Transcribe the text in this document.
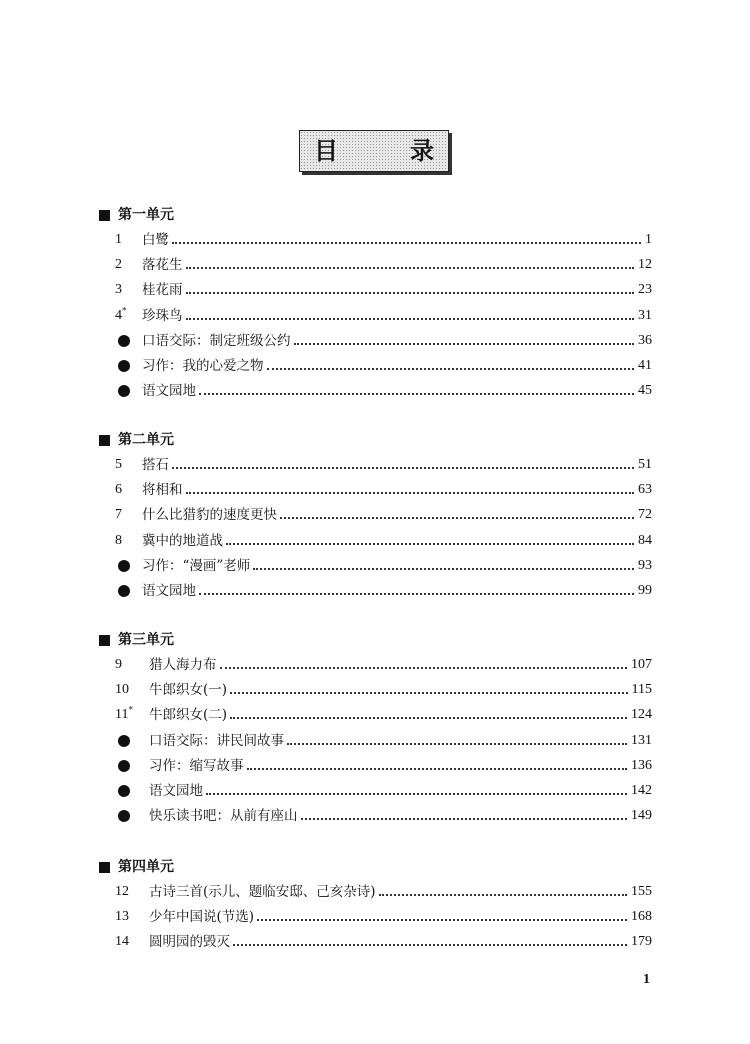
目	录
第一单元
1	白鹭	1
2	落花生	12
3	桂花雨	23
4*	珍珠鸟	31
口语交际：制定班级公约	36
习作：我的心爱之物	41
语文园地	45
第二单元
5	搭石	51
6	将相和	63
7	什么比猎豹的速度更快	72
8	冀中的地道战	84
习作：“漫画”老师	93
语文园地	99
第三单元
9	猎人海力布	107
10	牛郎织女(一)	115
11*	牛郎织女(二)	124
口语交际：讲民间故事	131
习作：缩写故事	136
语文园地	142
快乐读书吧：从前有座山	149
第四单元
12	古诗三首(示儿、题临安邸、己亥杂诗)	155
13	少年中国说(节选)	168
14	圆明园的毁灭	179
1
